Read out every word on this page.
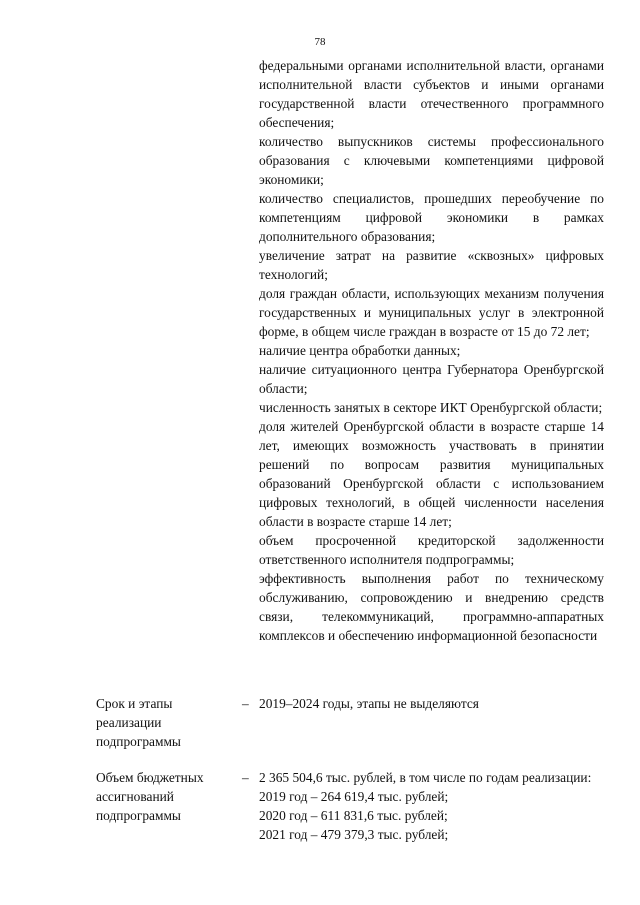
78

федеральными органами исполнительной власти, органами исполнительной власти субъектов и иными органами государственной власти отечественного программного обеспечения;

количество выпускников системы профессионального образования с ключевыми компетенциями цифровой экономики;

количество специалистов, прошедших переобучение по компетенциям цифровой экономики в рамках дополнительного образования;

увеличение затрат на развитие «сквозных» цифровых технологий;

доля граждан области, использующих механизм получения государственных и муниципальных услуг в электронной форме, в общем числе граждан в возрасте от 15 до 72 лет;

наличие центра обработки данных;

наличие ситуационного центра Губернатора Оренбургской области;

численность занятых в секторе ИКТ Оренбургской области;

доля жителей Оренбургской области в возрасте старше 14 лет, имеющих возможность участвовать в принятии решений по вопросам развития муниципальных образований Оренбургской области с использованием цифровых технологий, в общей численности населения области в возрасте старше 14 лет;

объем просроченной кредиторской задолженности ответственного исполнителя подпрограммы;

эффективность выполнения работ по техническому обслуживанию, сопровождению и внедрению средств связи, телекоммуникаций, программно-аппаратных комплексов и обеспечению информационной безопасности

Срок и этапы реализации подпрограммы
– 2019–2024 годы, этапы не выделяются
Объем бюджетных ассигнований подпрограммы
– 2 365 504,6 тыс. рублей, в том числе по годам реализации:
2019 год – 264 619,4 тыс. рублей;
2020 год – 611 831,6 тыс. рублей;
2021 год – 479 379,3 тыс. рублей;
